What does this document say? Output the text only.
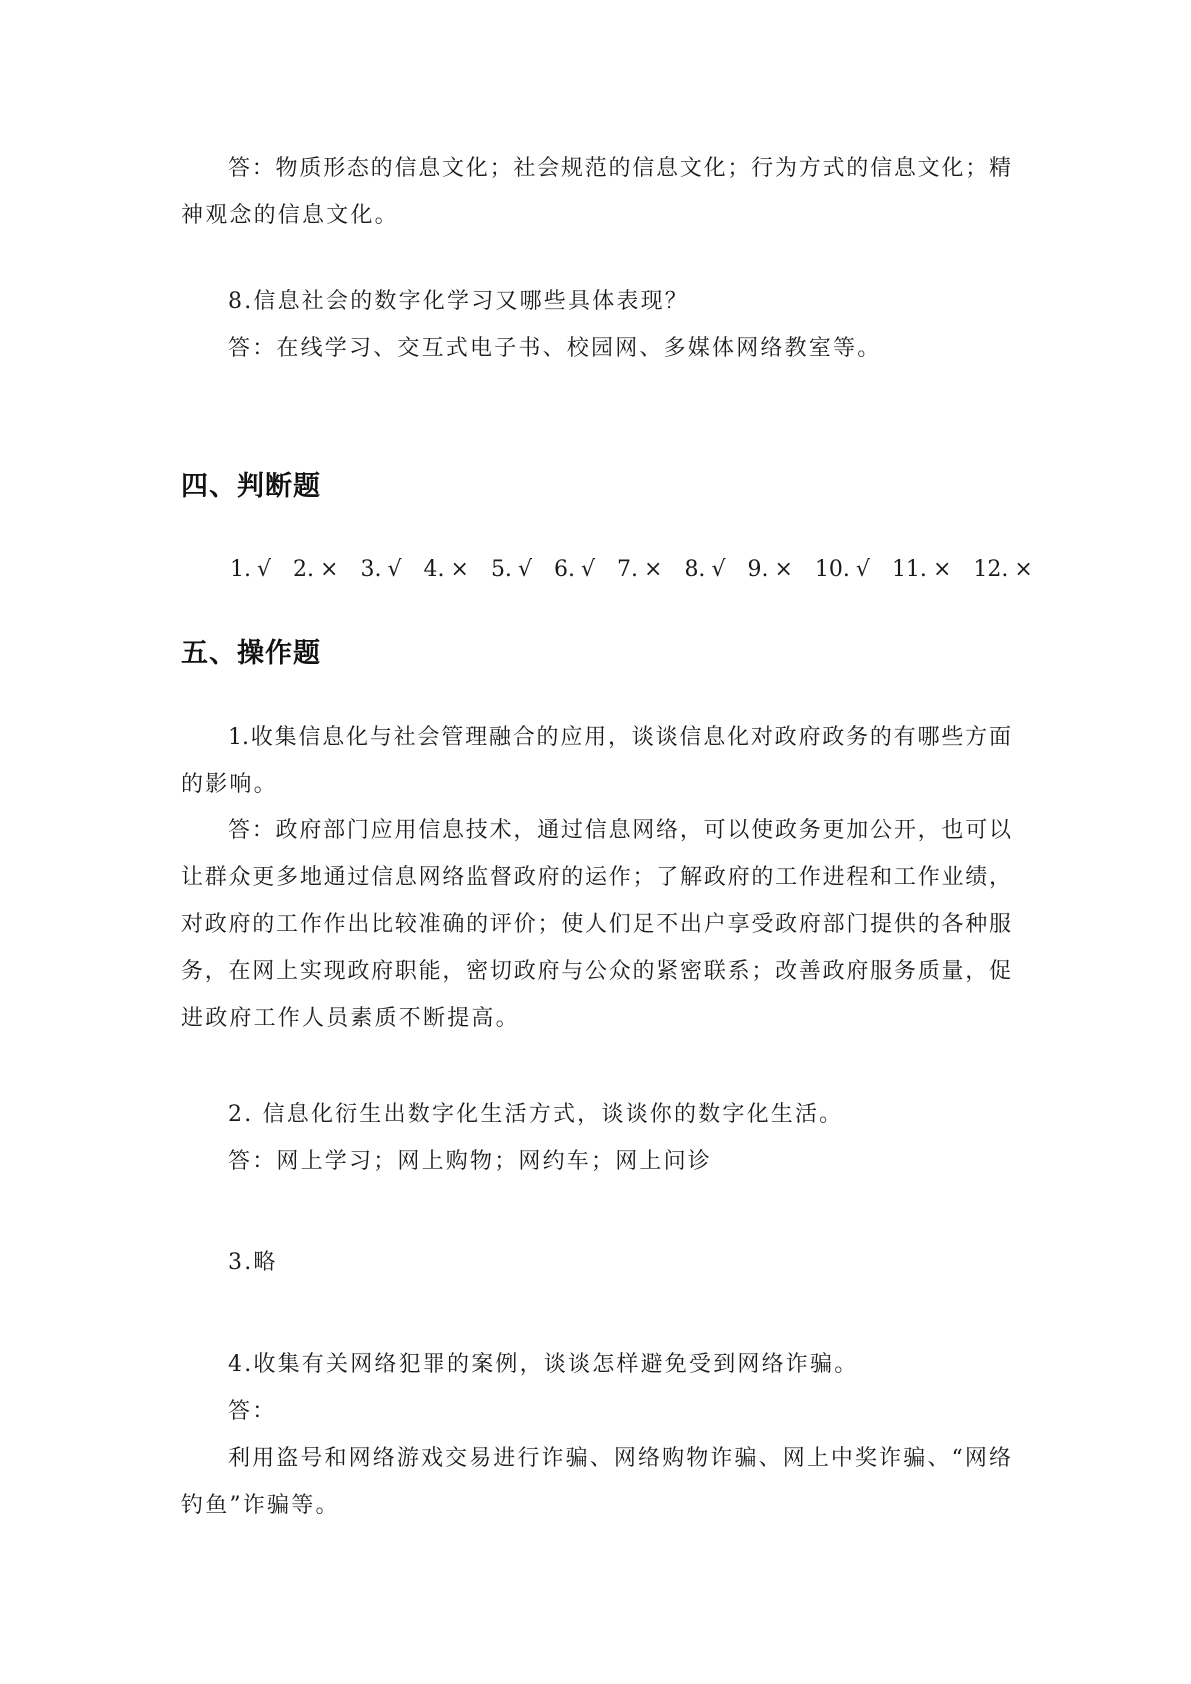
答：物质形态的信息文化；社会规范的信息文化；行为方式的信息文化；精
神观念的信息文化。
8.信息社会的数字化学习又哪些具体表现？
答：在线学习、交互式电子书、校园网、多媒体网络教室等。
四、判断题
1. √ 2. × 3. √ 4. × 5. √ 6. √ 7. × 8. √ 9. × 10. √ 11. × 12. ×
五、操作题
1.收集信息化与社会管理融合的应用，谈谈信息化对政府政务的有哪些方面
的影响。
答：政府部门应用信息技术，通过信息网络，可以使政务更加公开，也可以
让群众更多地通过信息网络监督政府的运作；了解政府的工作进程和工作业绩，
对政府的工作作出比较准确的评价；使人们足不出户享受政府部门提供的各种服
务，在网上实现政府职能，密切政府与公众的紧密联系；改善政府服务质量，促
进政府工作人员素质不断提高。
2. 信息化衍生出数字化生活方式，谈谈你的数字化生活。
答：网上学习；网上购物；网约车；网上问诊
3.略
4.收集有关网络犯罪的案例，谈谈怎样避免受到网络诈骗。
答：
利用盗号和网络游戏交易进行诈骗、网络购物诈骗、网上中奖诈骗、“网络
钓鱼”诈骗等。
